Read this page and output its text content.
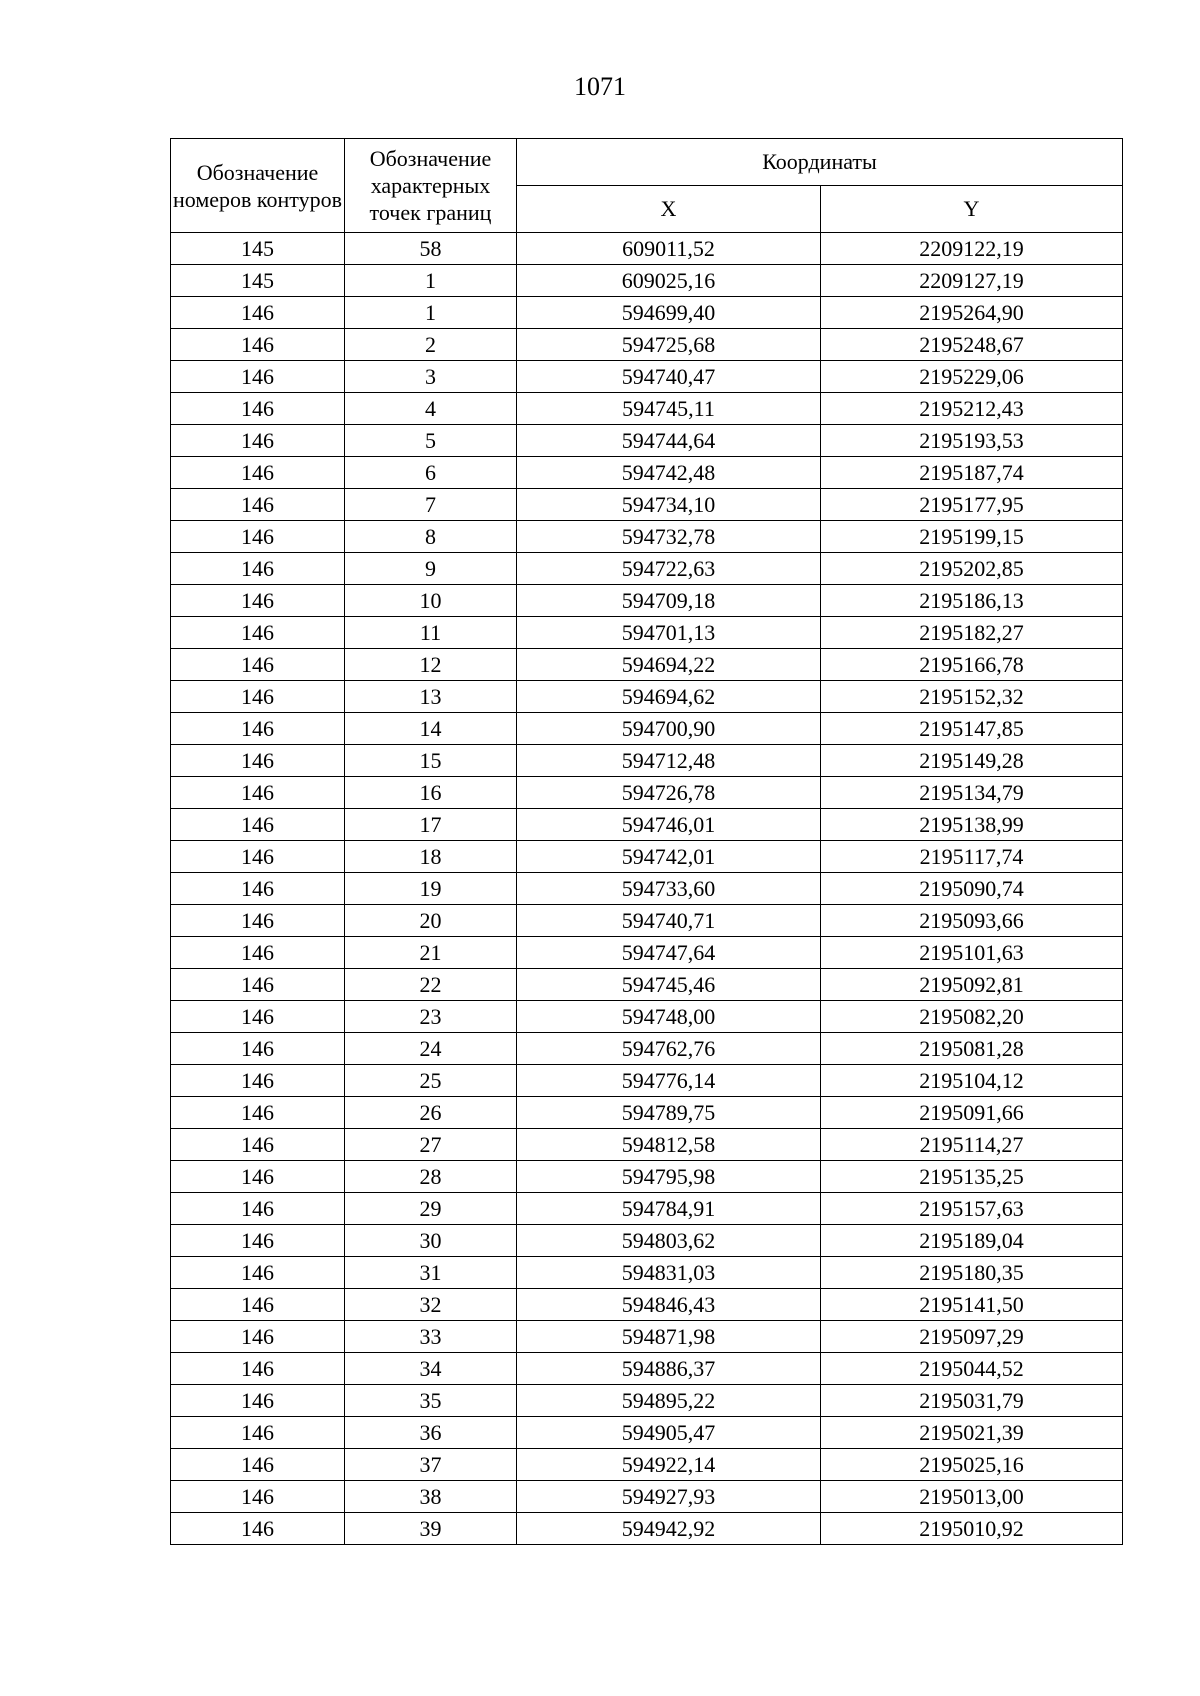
1071
Обозначение номеров контуров	Обозначение характерных точек границ	Координаты	
		X	Y
145	58	609011,52	2209122,19
145	1	609025,16	2209127,19
146	1	594699,40	2195264,90
146	2	594725,68	2195248,67
146	3	594740,47	2195229,06
146	4	594745,11	2195212,43
146	5	594744,64	2195193,53
146	6	594742,48	2195187,74
146	7	594734,10	2195177,95
146	8	594732,78	2195199,15
146	9	594722,63	2195202,85
146	10	594709,18	2195186,13
146	11	594701,13	2195182,27
146	12	594694,22	2195166,78
146	13	594694,62	2195152,32
146	14	594700,90	2195147,85
146	15	594712,48	2195149,28
146	16	594726,78	2195134,79
146	17	594746,01	2195138,99
146	18	594742,01	2195117,74
146	19	594733,60	2195090,74
146	20	594740,71	2195093,66
146	21	594747,64	2195101,63
146	22	594745,46	2195092,81
146	23	594748,00	2195082,20
146	24	594762,76	2195081,28
146	25	594776,14	2195104,12
146	26	594789,75	2195091,66
146	27	594812,58	2195114,27
146	28	594795,98	2195135,25
146	29	594784,91	2195157,63
146	30	594803,62	2195189,04
146	31	594831,03	2195180,35
146	32	594846,43	2195141,50
146	33	594871,98	2195097,29
146	34	594886,37	2195044,52
146	35	594895,22	2195031,79
146	36	594905,47	2195021,39
146	37	594922,14	2195025,16
146	38	594927,93	2195013,00
146	39	594942,92	2195010,92
